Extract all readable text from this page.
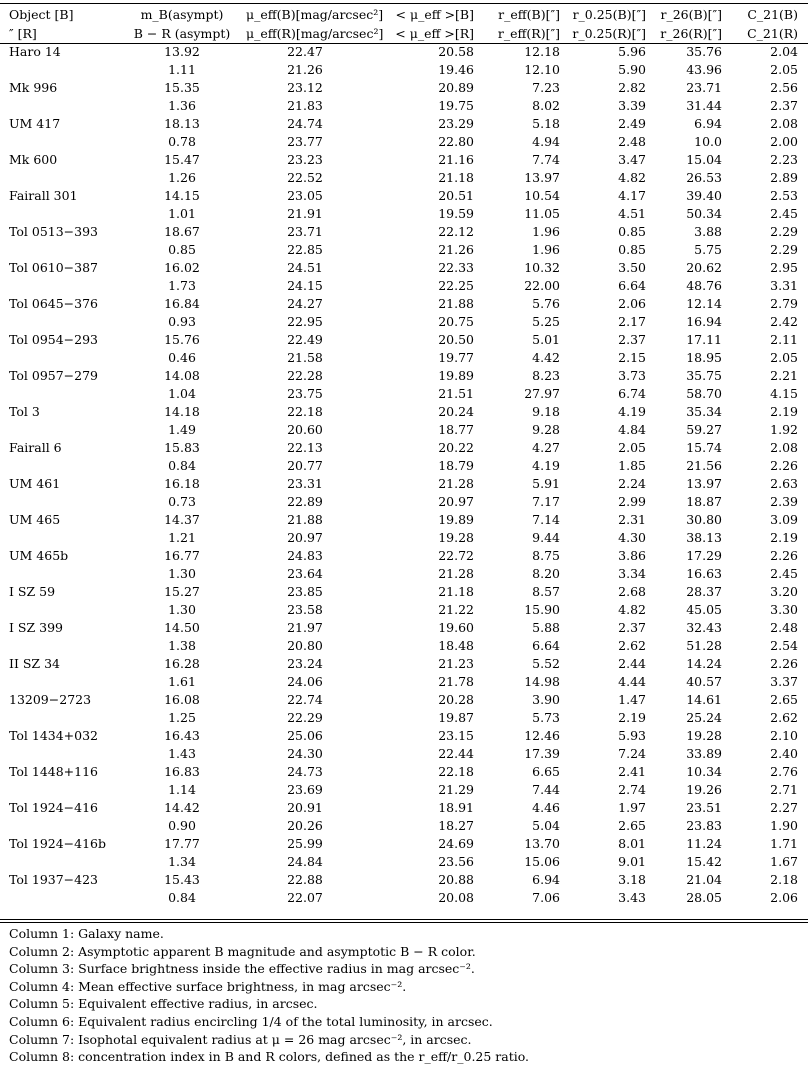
Object [B]	m_B(asympt)	μ_eff(B)[mag/arcsec²]	< μ_eff >[B]	r_eff(B)[″]	r_0.25(B)[″]	r_26(B)[″]	C_21(B)
″ [R]	B − R (asympt)	μ_eff(R)[mag/arcsec²]	< μ_eff >[R]	r_eff(R)[″]	r_0.25(R)[″]	r_26(R)[″]	C_21(R)
Haro 14	13.92	22.47	20.58	12.18	5.96	35.76	2.04
	1.11	21.26	19.46	12.10	5.90	43.96	2.05
Mk 996	15.35	23.12	20.89	7.23	2.82	23.71	2.56
	1.36	21.83	19.75	8.02	3.39	31.44	2.37
UM 417	18.13	24.74	23.29	5.18	2.49	6.94	2.08
	0.78	23.77	22.80	4.94	2.48	10.0	2.00
Mk 600	15.47	23.23	21.16	7.74	3.47	15.04	2.23
	1.26	22.52	21.18	13.97	4.82	26.53	2.89
Fairall 301	14.15	23.05	20.51	10.54	4.17	39.40	2.53
	1.01	21.91	19.59	11.05	4.51	50.34	2.45
Tol 0513−393	18.67	23.71	22.12	1.96	0.85	3.88	2.29
	0.85	22.85	21.26	1.96	0.85	5.75	2.29
Tol 0610−387	16.02	24.51	22.33	10.32	3.50	20.62	2.95
	1.73	24.15	22.25	22.00	6.64	48.76	3.31
Tol 0645−376	16.84	24.27	21.88	5.76	2.06	12.14	2.79
	0.93	22.95	20.75	5.25	2.17	16.94	2.42
Tol 0954−293	15.76	22.49	20.50	5.01	2.37	17.11	2.11
	0.46	21.58	19.77	4.42	2.15	18.95	2.05
Tol 0957−279	14.08	22.28	19.89	8.23	3.73	35.75	2.21
	1.04	23.75	21.51	27.97	6.74	58.70	4.15
Tol 3	14.18	22.18	20.24	9.18	4.19	35.34	2.19
	1.49	20.60	18.77	9.28	4.84	59.27	1.92
Fairall 6	15.83	22.13	20.22	4.27	2.05	15.74	2.08
	0.84	20.77	18.79	4.19	1.85	21.56	2.26
UM 461	16.18	23.31	21.28	5.91	2.24	13.97	2.63
	0.73	22.89	20.97	7.17	2.99	18.87	2.39
UM 465	14.37	21.88	19.89	7.14	2.31	30.80	3.09
	1.21	20.97	19.28	9.44	4.30	38.13	2.19
UM 465b	16.77	24.83	22.72	8.75	3.86	17.29	2.26
	1.30	23.64	21.28	8.20	3.34	16.63	2.45
I SZ 59	15.27	23.85	21.18	8.57	2.68	28.37	3.20
	1.30	23.58	21.22	15.90	4.82	45.05	3.30
I SZ 399	14.50	21.97	19.60	5.88	2.37	32.43	2.48
	1.38	20.80	18.48	6.64	2.62	51.28	2.54
II SZ 34	16.28	23.24	21.23	5.52	2.44	14.24	2.26
	1.61	24.06	21.78	14.98	4.44	40.57	3.37
13209−2723	16.08	22.74	20.28	3.90	1.47	14.61	2.65
	1.25	22.29	19.87	5.73	2.19	25.24	2.62
Tol 1434+032	16.43	25.06	23.15	12.46	5.93	19.28	2.10
	1.43	24.30	22.44	17.39	7.24	33.89	2.40
Tol 1448+116	16.83	24.73	22.18	6.65	2.41	10.34	2.76
	1.14	23.69	21.29	7.44	2.74	19.26	2.71
Tol 1924−416	14.42	20.91	18.91	4.46	1.97	23.51	2.27
	0.90	20.26	18.27	5.04	2.65	23.83	1.90
Tol 1924−416b	17.77	25.99	24.69	13.70	8.01	11.24	1.71
	1.34	24.84	23.56	15.06	9.01	15.42	1.67
Tol 1937−423	15.43	22.88	20.88	6.94	3.18	21.04	2.18
	0.84	22.07	20.08	7.06	3.43	28.05	2.06
Column 1: Galaxy name.
Column 2: Asymptotic apparent B magnitude and asymptotic B − R color.
Column 3: Surface brightness inside the effective radius in mag arcsec⁻².
Column 4: Mean effective surface brightness, in mag arcsec⁻².
Column 5: Equivalent effective radius, in arcsec.
Column 6: Equivalent radius encircling 1/4 of the total luminosity, in arcsec.
Column 7: Isophotal equivalent radius at μ = 26 mag arcsec⁻², in arcsec.
Column 8: concentration index in B and R colors, defined as the r_eff/r_0.25 ratio.
